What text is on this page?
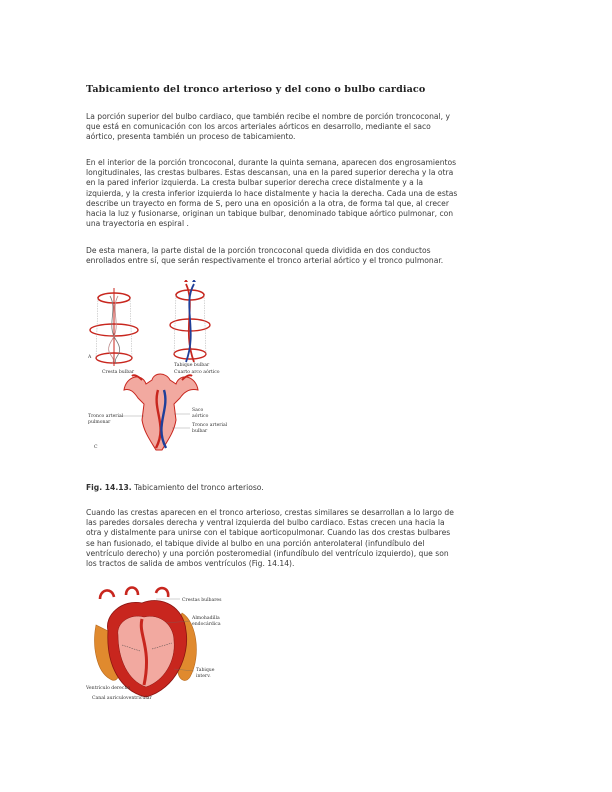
Tabicamiento del tronco arterioso y del cono o bulbo cardiaco

La porción superior del bulbo cardiaco, que también recibe el nombre de porción troncoconal, y
que está en comunicación con los arcos arteriales aórticos en desarrollo, mediante el saco
aórtico, presenta también un proceso de tabicamiento.

En el interior de la porción troncoconal, durante la quinta semana, aparecen dos engrosamientos
longitudinales, las crestas bulbares. Estas descansan, una en la pared superior derecha y la otra
en la pared inferior izquierda. La cresta bulbar superior derecha crece distalmente y a la
izquierda, y la cresta inferior izquierda lo hace distalmente y hacia la derecha. Cada una de estas
describe un trayecto en forma de S, pero una en oposición a la otra, de forma tal que, al crecer
hacia la luz y fusionarse, originan un tabique bulbar, denominado tabique aórtico pulmonar, con
una trayectoria en espiral .

De esta manera, la parte distal de la porción troncoconal queda dividida en dos conductos
enrollados entre sí, que serán respectivamente el tronco arterial aórtico y el tronco pulmonar.

A
Cresta bulbar
Tabique bulbar
Cuarto arco aórtico
Tronco arterial
pulmonar
Saco
aórtico
Tronco arterial
bulbar
C
Fig. 14.13. Tabicamiento del tronco arterioso.

Cuando las crestas aparecen en el tronco arterioso, crestas similares se desarrollan a lo largo de
las paredes dorsales derecha y ventral izquierda del bulbo cardiaco. Estas crecen una hacia la
otra y distalmente para unirse con el tabique aorticopulmonar. Cuando las dos crestas bulbares
se han fusionado, el tabique divide al bulbo en una porción anterolateral (infundíbulo del
ventrículo derecho) y una porción posteromedial (infundíbulo del ventrículo izquierdo), que son
los tractos de salida de ambos ventrículos (Fig. 14.14).

Crestas bulbares
Almohadilla
endocárdica
Tabique
interv.
Ventrículo derecho
Canal auriculoventricular
